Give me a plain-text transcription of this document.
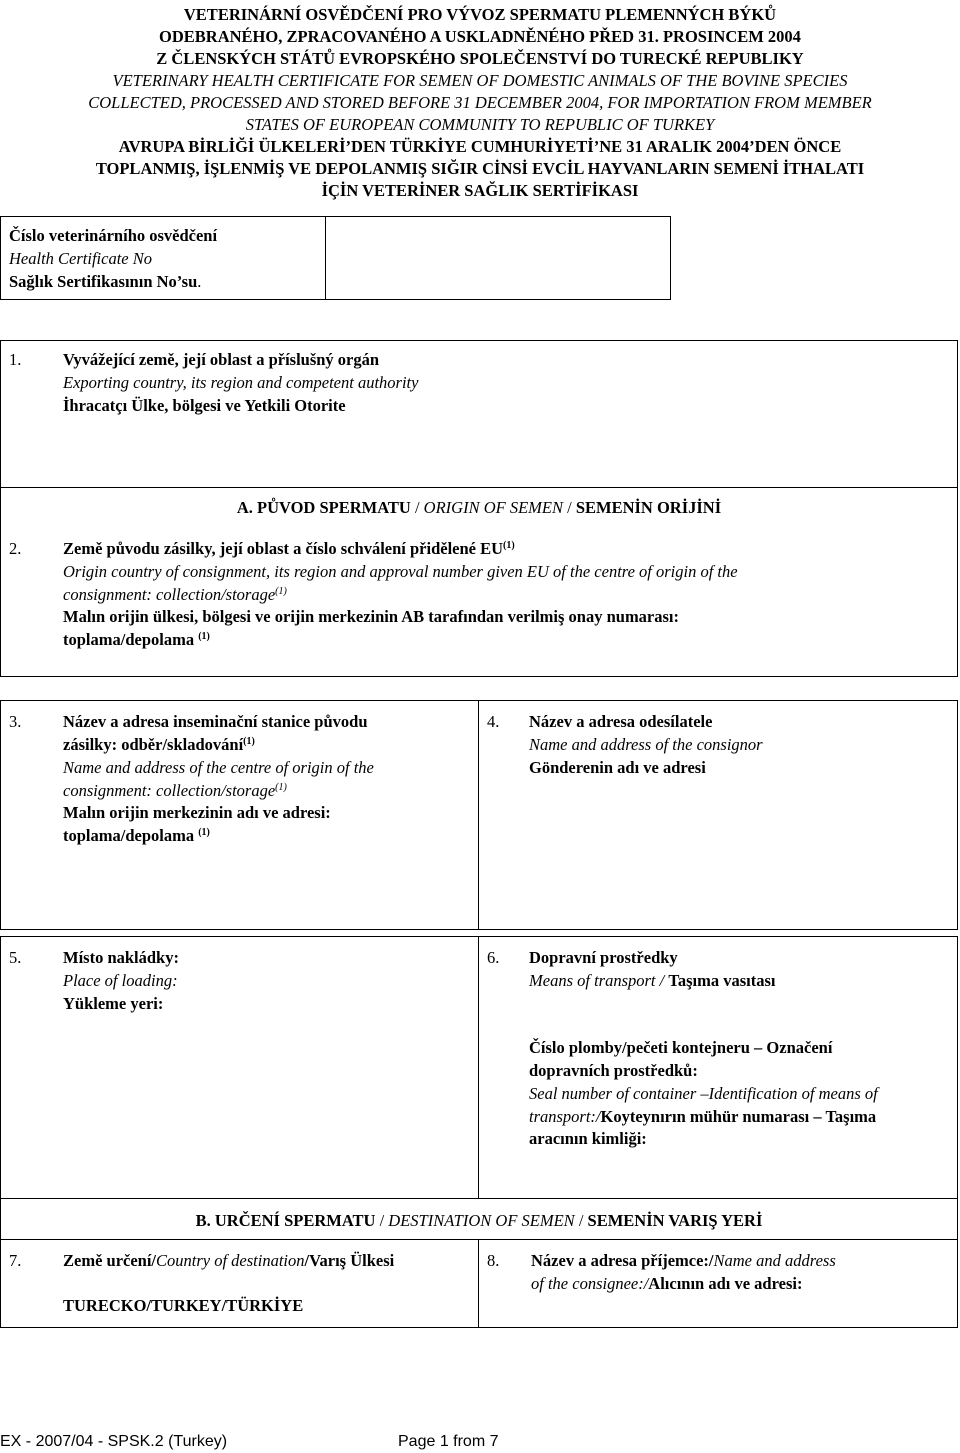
VETERINÁRNÍ OSVĚDČENÍ PRO VÝVOZ SPERMATU PLEMENNÝCH BÝKŮ
ODEBRANÉHO, ZPRACOVANÉHO A USKLADNĚNÉHO PŘED 31. PROSINCEM 2004
Z ČLENSKÝCH STÁTŮ EVROPSKÉHO SPOLEČENSTVÍ DO TURECKÉ REPUBLIKY
VETERINARY HEALTH CERTIFICATE FOR SEMEN OF DOMESTIC ANIMALS OF THE BOVINE SPECIES
COLLECTED, PROCESSED AND STORED BEFORE 31 DECEMBER 2004, FOR IMPORTATION FROM MEMBER
STATES OF EUROPEAN COMMUNITY TO REPUBLIC OF TURKEY
AVRUPA BİRLİĞİ ÜLKELERİ’DEN TÜRKİYE CUMHURİYETİ’NE 31 ARALIK 2004’DEN ÖNCE
TOPLANMIŞ, İŞLENMİŞ VE DEPOLANMIŞ SIĞIR CİNSİ EVCİL HAYVANLARIN SEMENİ İTHALATI
İÇİN VETERİNER SAĞLIK SERTİFİKASI
Číslo veterinárního osvědčení
Health Certificate No
Sağlık Sertifikasının No’su.
1.	Vyvážející země, její oblast a příslušný orgán
Exporting country, its region and competent authority
İhracatçı Ülke, bölgesi ve Yetkili Otorite
A. PŮVOD SPERMATU / ORIGIN OF SEMEN / SEMENİN ORİJİNİ
2.	Země původu zásilky, její oblast a číslo schválení přidělené EU$^{(1)}$
Origin country of consignment, its region and approval number given EU of the centre of origin of the
consignment: collection/storage$^{(1)}$
Malın orijin ülkesi, bölgesi ve orijin merkezinin AB tarafından verilmiş onay numarası:
toplama/depolama $^{(1)}$
3.	Název a adresa inseminační stanice původu
zásilky: odběr/skladování$^{(1)}$
Name and address of the centre of origin of the
consignment: collection/storage$^{(1)}$
Malın orijin merkezinin adı ve adresi:
toplama/depolama $^{(1)}$
4. Název a adresa odesílatele
Name and address of the consignor
Gönderenin adı ve adresi
5.	Místo nakládky:
Place of loading:
Yükleme yeri:
6. Dopravní prostředky
Means of transport / Taşıma vasıtası
Číslo plomby/pečeti kontejneru – Označení
dopravních prostředků:
Seal number of container –Identification of means of
transport:/Koyteynırın mühür numarası – Taşıma
aracının kimliği:
B. URČENÍ SPERMATU / DESTINATION OF SEMEN / SEMENİN VARIŞ YERİ
7.	Země určení/Country of destination/Varış Ülkesi
TURECKO/TURKEY/TÜRKİYE
8. Název a adresa příjemce:/Name and address
of the consignee:/Alıcının adı ve adresi:
EX - 2007/04 - SPSK.2 (Turkey)	Page 1 from 7
